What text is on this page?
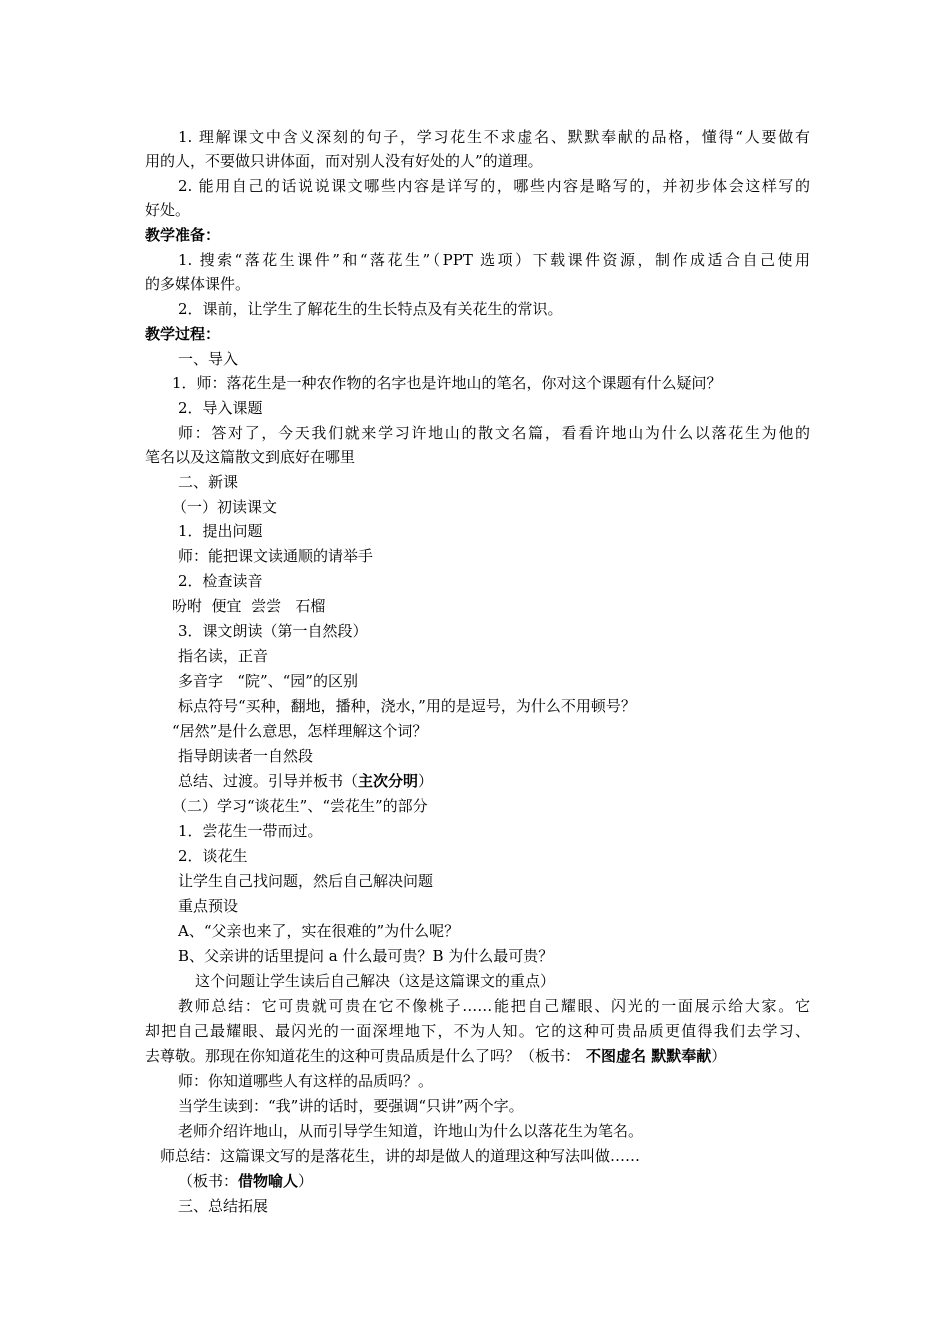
1. 理解课文中含义深刻的句子，学习花生不求虚名、默默奉献的品格，懂得“人要做有
用的人，不要做只讲体面，而对别人没有好处的人”的道理。
2. 能用自己的话说说课文哪些内容是详写的，哪些内容是略写的，并初步体会这样写的
好处。
教学准备：
1. 搜索“落花生课件”和“落花生”（PPT 选项）下载课件资源，制作成适合自己使用
的多媒体课件。
2．课前，让学生了解花生的生长特点及有关花生的常识。
教学过程：
一、导入
1．师：落花生是一种农作物的名字也是许地山的笔名，你对这个课题有什么疑问？
2．导入课题
师：答对了，今天我们就来学习许地山的散文名篇，看看许地山为什么以落花生为他的
笔名以及这篇散文到底好在哪里
二、新课
（一）初读课文
1．提出问题
师：能把课文读通顺的请举手
2．检查读音
吩咐  便宜  尝尝   石榴
3．课文朗读（第一自然段）
指名读，正音
多音字   “院”、“园”的区别
标点符号“买种，翻地，播种，浇水，”用的是逗号，为什么不用顿号？
“居然”是什么意思，怎样理解这个词？
指导朗读者一自然段
总结、过渡。引导并板书（主次分明）
（二）学习“谈花生”、“尝花生”的部分
1．尝花生一带而过。
2．谈花生
让学生自己找问题，然后自己解决问题
重点预设
A、“父亲也来了，实在很难的”为什么呢？
B、父亲讲的话里提问 a 什么最可贵？B 为什么最可贵？
这个问题让学生读后自己解决（这是这篇课文的重点）
教师总结：它可贵就可贵在它不像桃子……能把自己耀眼、闪光的一面展示给大家。它
却把自己最耀眼、最闪光的一面深埋地下，不为人知。它的这种可贵品质更值得我们去学习、
去尊敬。那现在你知道花生的这种可贵品质是什么了吗？（板书： 不图虚名 默默奉献）
师：你知道哪些人有这样的品质吗？。
当学生读到：“我”讲的话时，要强调“只讲”两个字。
老师介绍许地山，从而引导学生知道，许地山为什么以落花生为笔名。
师总结：这篇课文写的是落花生，讲的却是做人的道理这种写法叫做……
（板书：借物喻人）
三、总结拓展
